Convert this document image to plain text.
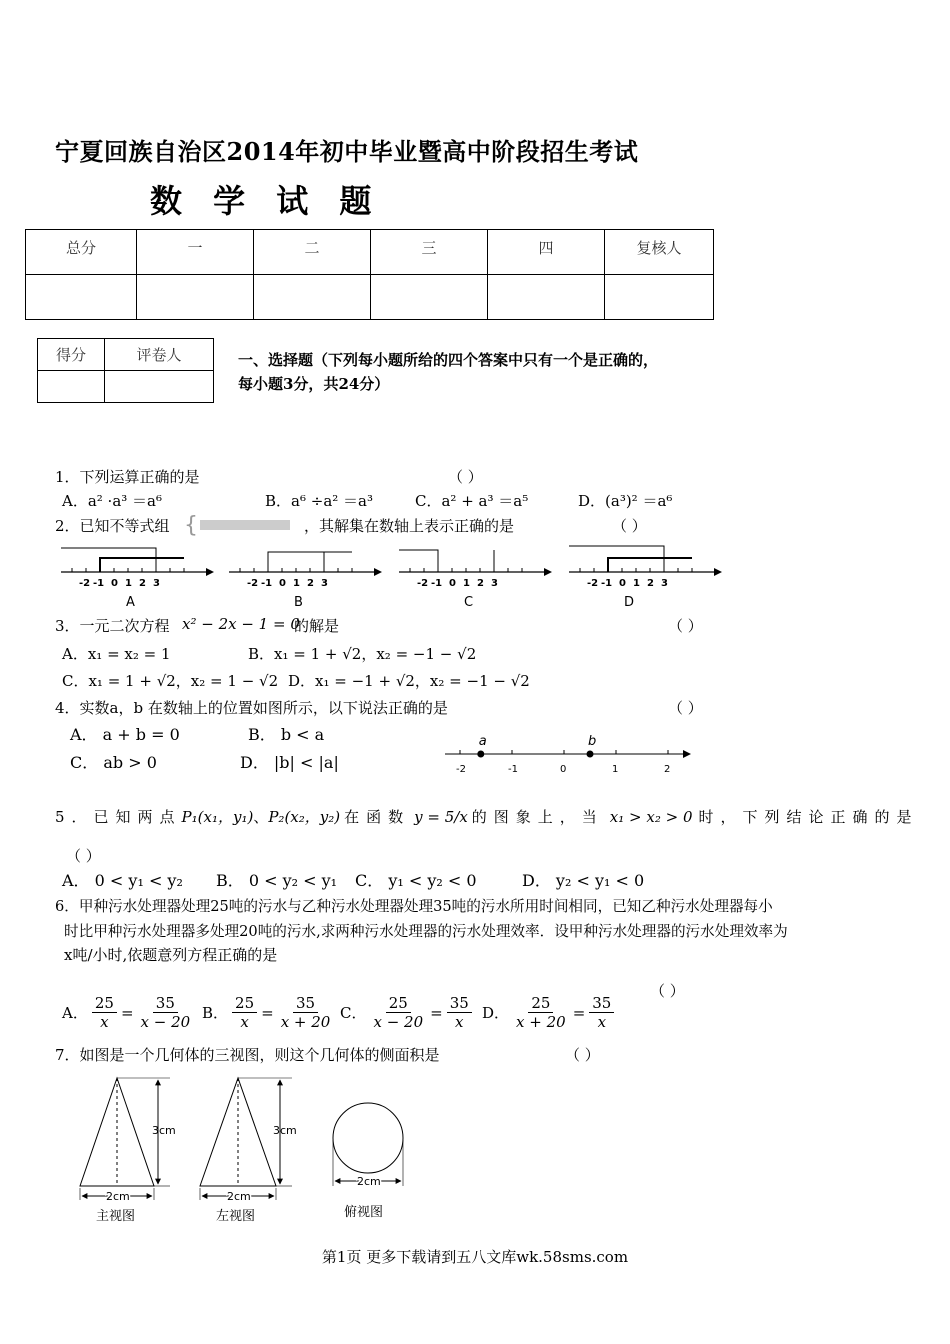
宁夏回族自治区2014年初中毕业暨高中阶段招生考试
数 学 试 题
总分	一	二	三	四	复核人

得分	评卷人
		一、选择题（下列每小题所给的四个答案中只有一个是正确的，
每小题3分，共24分）
1．下列运算正确的是	（ ）
A．a² ·a³ ＝a⁶	B．a⁶ ÷a² ＝a³	C．a² + a³ ＝a⁵	D．(a³)² ＝a⁶
2．已知不等式组 {	，其解集在数轴上表示正确的是	（ ）
-2 -1 0 1 2 3
A
-2 -1 0 1 2 3
B
-2 -1 0 1 2 3
C
-2 -1 0 1 2 3
D
3．一元二次方程 x² − 2x − 1 = 0
的解是	（ ）
A．x₁ = x₂ = 1	B．x₁ = 1 + √2，x₂ = −1 − √2
C．x₁ = 1 + √2，x₂ = 1 − √2 D．x₁ = −1 + √2，x₂ = −1 − √2
4．实数a，b 在数轴上的位置如图所示，以下说法正确的是	（ ）
A． a + b = 0	B． b < a
C． ab > 0	D． |b| < |a|	-2	-1	0	1	2
a	b
5．已知两点 P₁(x₁，y₁) 、 P₂(x₂，y₂) 在函数 y = 5/x 的图象上，当 x₁ > x₂ > 0 时，下列结论正确的是
（ ）
A． 0 < y₁ < y₂ B． 0 < y₂ < y₁ C． y₁ < y₂ < 0	D． y₂ < y₁ < 0
6．甲种污水处理器处理25吨的污水与乙种污水处理器处理35吨的污水所用时间相同，已知乙种污水处理器每小
时比甲种污水处理器多处理20吨的污水,求两种污水处理器的污水处理效率．设甲种污水处理器的污水处理效率为
x吨/小时,依题意列方程正确的是
（ ）
A． $\frac{25}{x} = \frac{35}{x - 20}$ B． $\frac{25}{x} = \frac{35}{x + 20}$ C． $\frac{25}{x - 20} = \frac{35}{x}$ D． $\frac{25}{x + 20} = \frac{35}{x}$
7．如图是一个几何体的三视图，则这个几何体的侧面积是	（ ）
3cm
2cm
主视图
3cm
2cm
左视图
2cm
俯视图
第1页 更多下载请到五八文库wk.58sms.com
